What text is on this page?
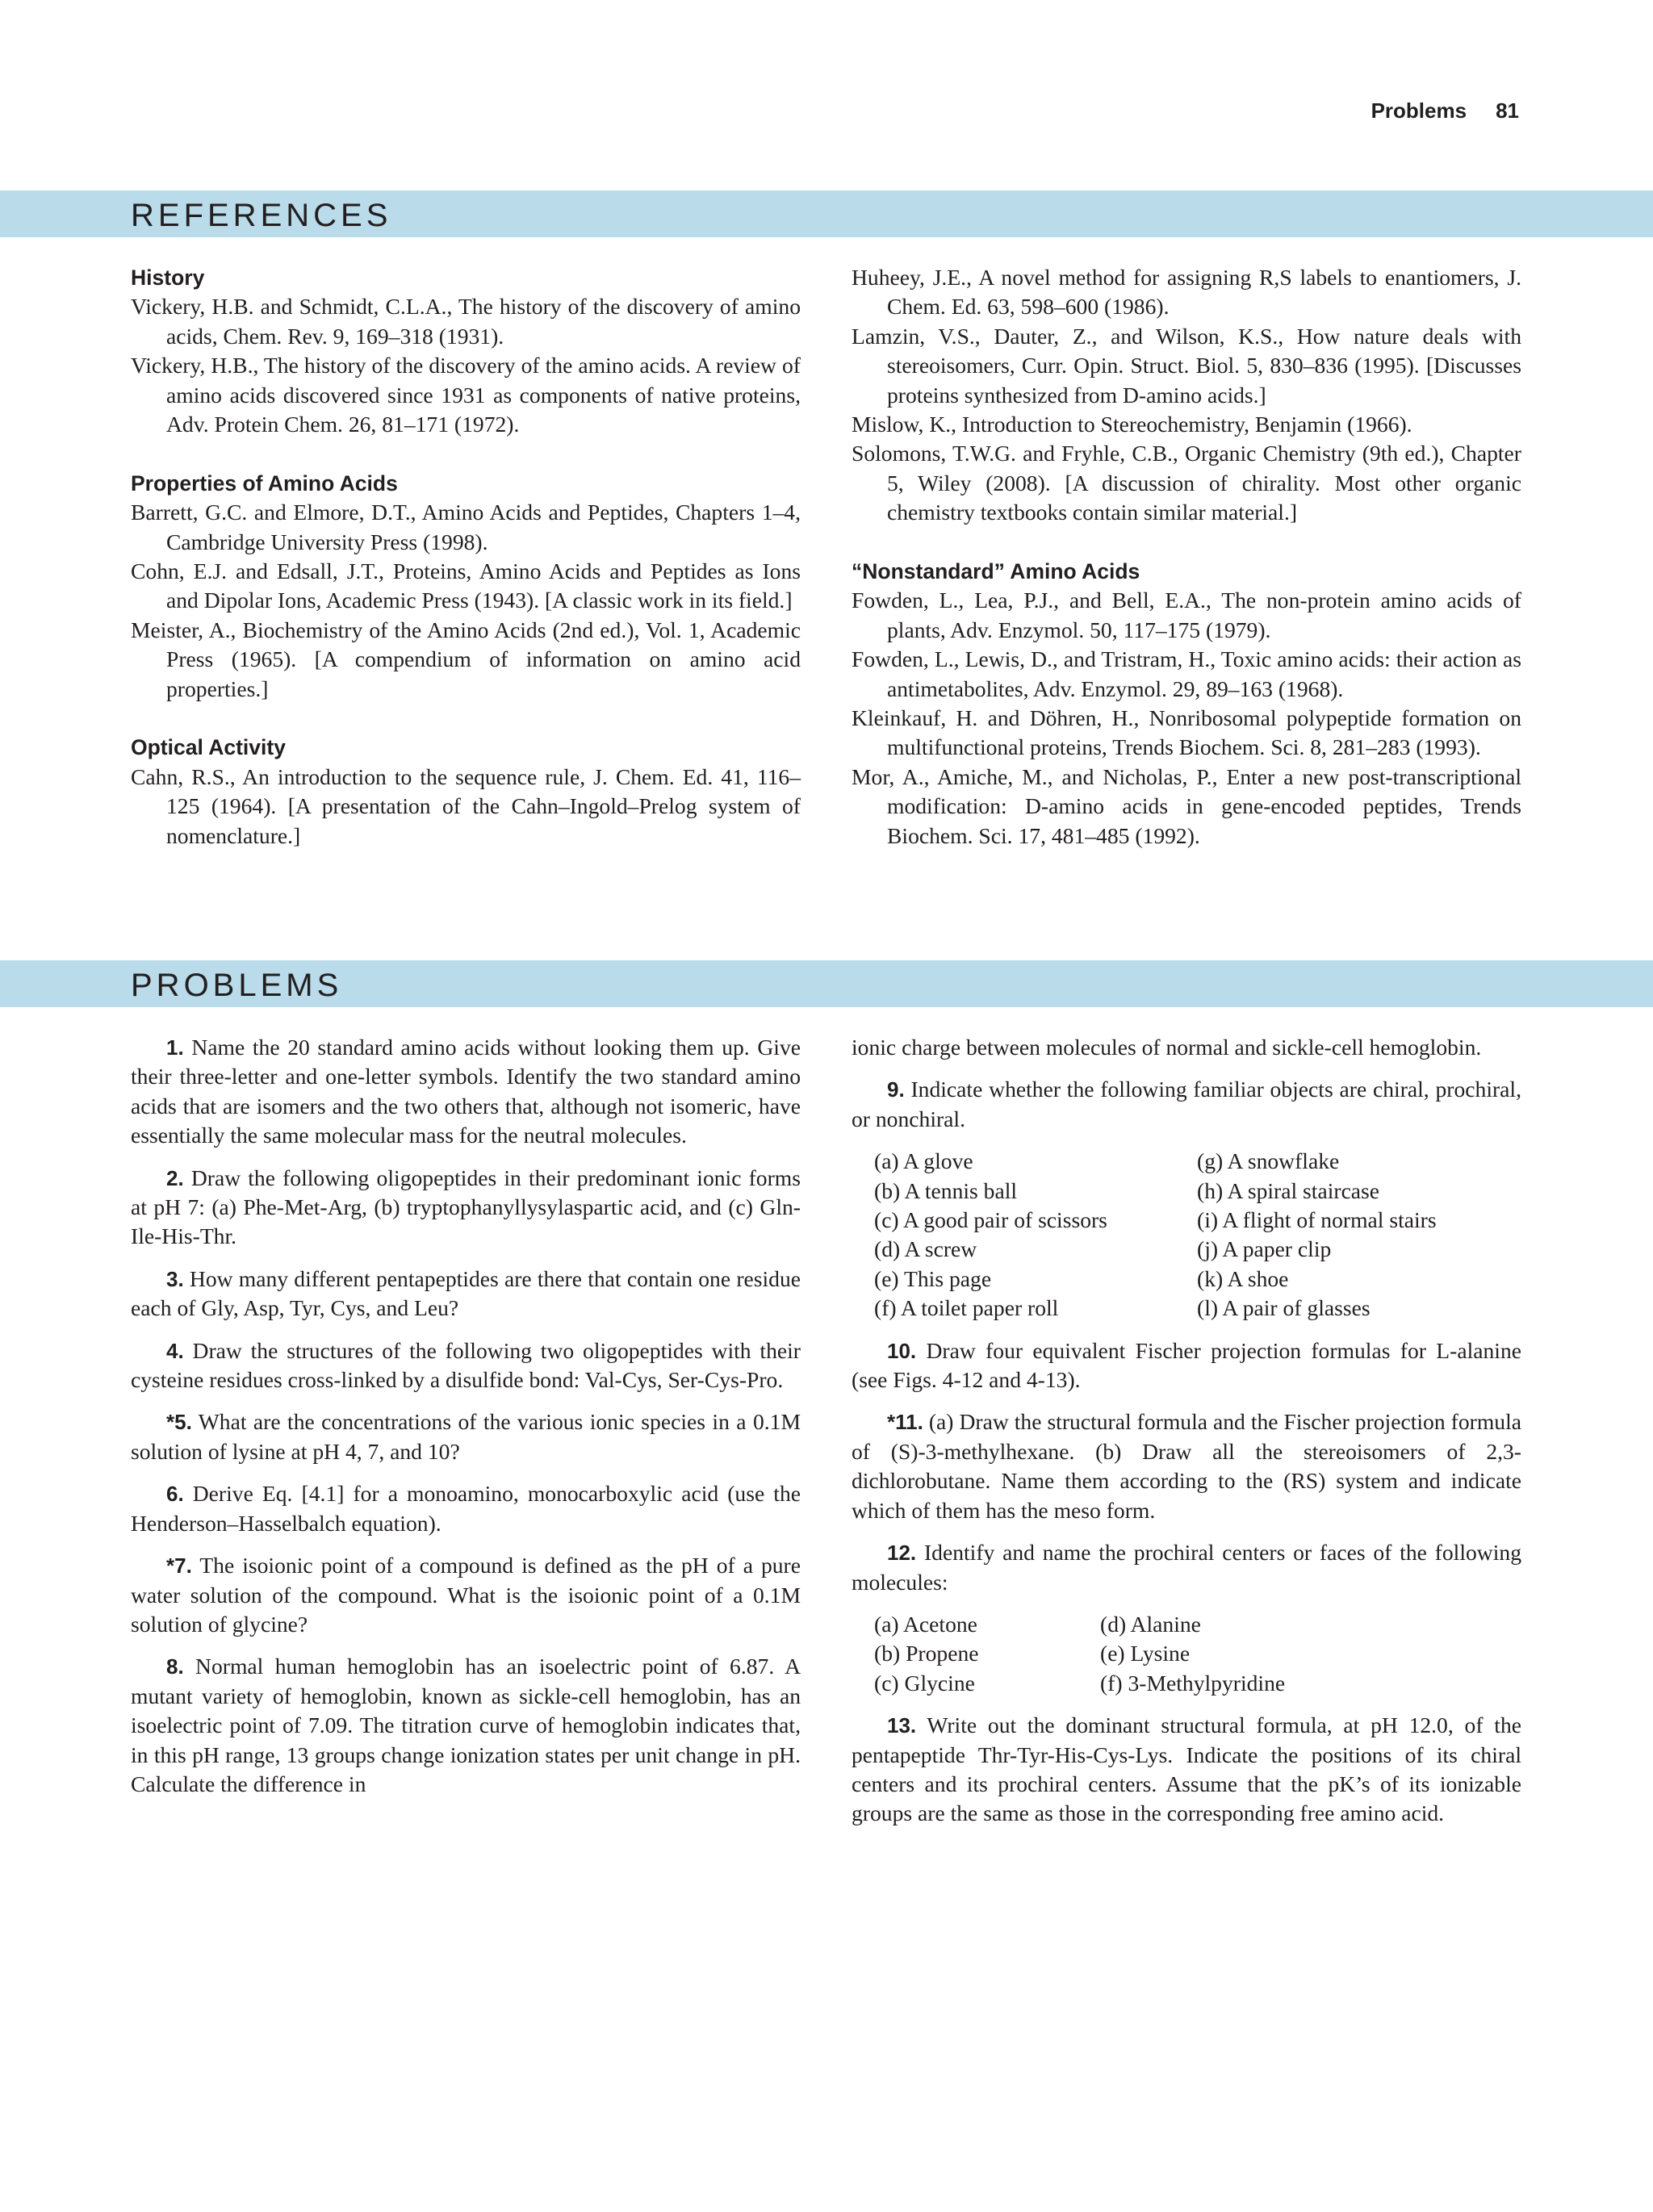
Problems 81
REFERENCES
History

Vickery, H.B. and Schmidt, C.L.A., The history of the discovery of amino acids, Chem. Rev. 9, 169–318 (1931).

Vickery, H.B., The history of the discovery of the amino acids. A review of amino acids discovered since 1931 as components of native proteins, Adv. Protein Chem. 26, 81–171 (1972).

Properties of Amino Acids

Barrett, G.C. and Elmore, D.T., Amino Acids and Peptides, Chapters 1–4, Cambridge University Press (1998).

Cohn, E.J. and Edsall, J.T., Proteins, Amino Acids and Peptides as Ions and Dipolar Ions, Academic Press (1943). [A classic work in its field.]

Meister, A., Biochemistry of the Amino Acids (2nd ed.), Vol. 1, Academic Press (1965). [A compendium of information on amino acid properties.]

Optical Activity

Cahn, R.S., An introduction to the sequence rule, J. Chem. Ed. 41, 116–125 (1964). [A presentation of the Cahn–Ingold–Prelog system of nomenclature.]

Huheey, J.E., A novel method for assigning R,S labels to enantiomers, J. Chem. Ed. 63, 598–600 (1986).

Lamzin, V.S., Dauter, Z., and Wilson, K.S., How nature deals with stereoisomers, Curr. Opin. Struct. Biol. 5, 830–836 (1995). [Discusses proteins synthesized from D-amino acids.]

Mislow, K., Introduction to Stereochemistry, Benjamin (1966).

Solomons, T.W.G. and Fryhle, C.B., Organic Chemistry (9th ed.), Chapter 5, Wiley (2008). [A discussion of chirality. Most other organic chemistry textbooks contain similar material.]

“Nonstandard” Amino Acids

Fowden, L., Lea, P.J., and Bell, E.A., The non-protein amino acids of plants, Adv. Enzymol. 50, 117–175 (1979).

Fowden, L., Lewis, D., and Tristram, H., Toxic amino acids: their action as antimetabolites, Adv. Enzymol. 29, 89–163 (1968).

Kleinkauf, H. and Döhren, H., Nonribosomal polypeptide formation on multifunctional proteins, Trends Biochem. Sci. 8, 281–283 (1993).

Mor, A., Amiche, M., and Nicholas, P., Enter a new post-transcriptional modification: D-amino acids in gene-encoded peptides, Trends Biochem. Sci. 17, 481–485 (1992).

PROBLEMS

1. Name the 20 standard amino acids without looking them up. Give their three-letter and one-letter symbols. Identify the two standard amino acids that are isomers and the two others that, although not isomeric, have essentially the same molecular mass for the neutral molecules.

2. Draw the following oligopeptides in their predominant ionic forms at pH 7: (a) Phe-Met-Arg, (b) tryptophanyllysylaspartic acid, and (c) Gln-Ile-His-Thr.

3. How many different pentapeptides are there that contain one residue each of Gly, Asp, Tyr, Cys, and Leu?

4. Draw the structures of the following two oligopeptides with their cysteine residues cross-linked by a disulfide bond: Val-Cys, Ser-Cys-Pro.

*5. What are the concentrations of the various ionic species in a 0.1M solution of lysine at pH 4, 7, and 10?

6. Derive Eq. [4.1] for a monoamino, monocarboxylic acid (use the Henderson–Hasselbalch equation).

*7. The isoionic point of a compound is defined as the pH of a pure water solution of the compound. What is the isoionic point of a 0.1M solution of glycine?

8. Normal human hemoglobin has an isoelectric point of 6.87. A mutant variety of hemoglobin, known as sickle-cell hemoglobin, has an isoelectric point of 7.09. The titration curve of hemoglobin indicates that, in this pH range, 13 groups change ionization states per unit change in pH. Calculate the difference in

ionic charge between molecules of normal and sickle-cell hemoglobin.

9. Indicate whether the following familiar objects are chiral, prochiral, or nonchiral.

(a) A glove	(g) A snowflake
(b) A tennis ball	(h) A spiral staircase
(c) A good pair of scissors	(i) A flight of normal stairs
(d) A screw	(j) A paper clip
(e) This page	(k) A shoe
(f) A toilet paper roll	(l) A pair of glasses

10. Draw four equivalent Fischer projection formulas for L-alanine (see Figs. 4-12 and 4-13).

*11. (a) Draw the structural formula and the Fischer projection formula of (S)-3-methylhexane. (b) Draw all the stereoisomers of 2,3-dichlorobutane. Name them according to the (RS) system and indicate which of them has the meso form.

12. Identify and name the prochiral centers or faces of the following molecules:

(a) Acetone	(d) Alanine
(b) Propene	(e) Lysine
(c) Glycine	(f) 3-Methylpyridine

13. Write out the dominant structural formula, at pH 12.0, of the pentapeptide Thr-Tyr-His-Cys-Lys. Indicate the positions of its chiral centers and its prochiral centers. Assume that the pK’s of its ionizable groups are the same as those in the corresponding free amino acid.
